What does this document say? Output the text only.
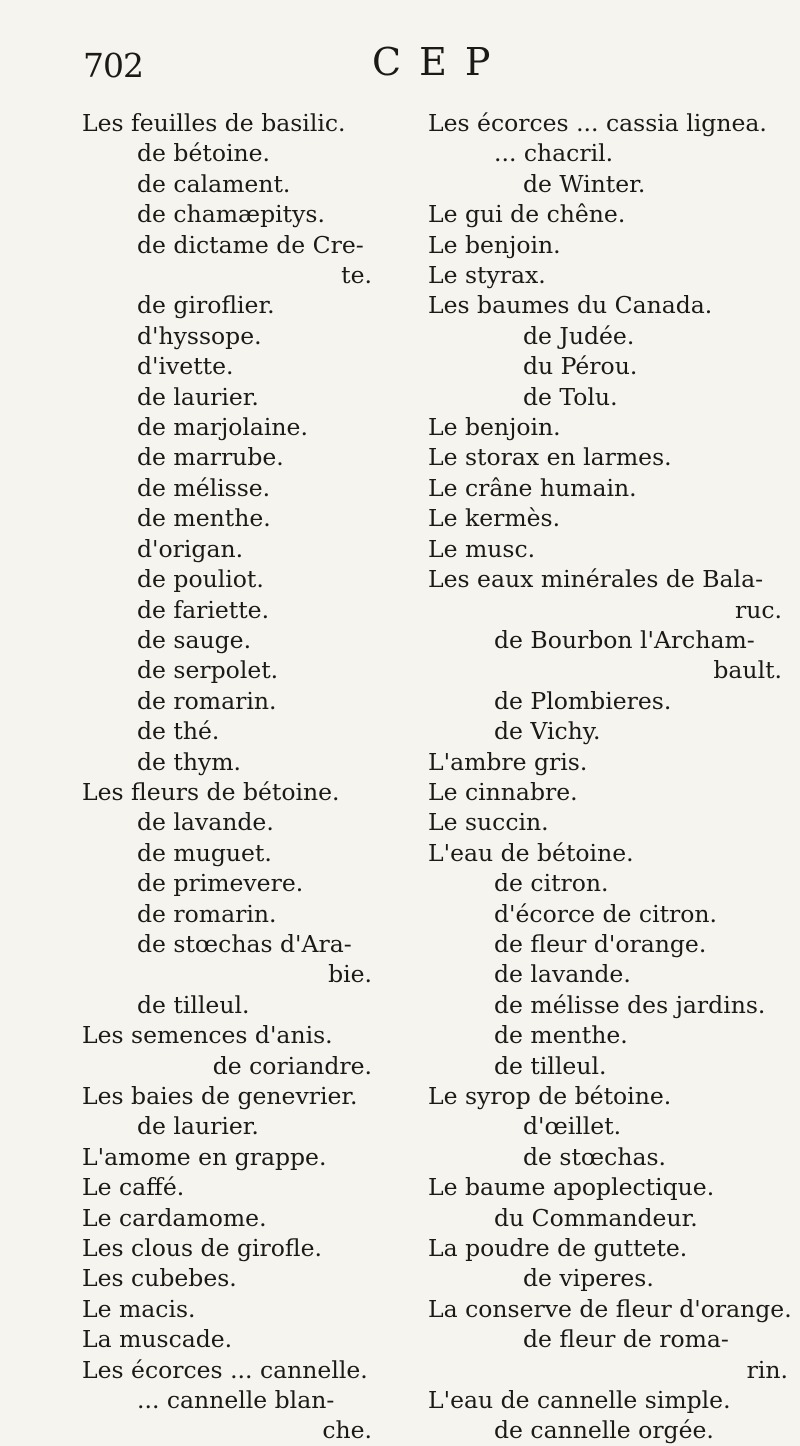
702	CEP
Les feuilles de basilic.
de bétoine.
de calament.
de chamæpitys.
de dictame de Cre-
te.
de giroflier.
d'hyssope.
d'ivette.
de laurier.
de marjolaine.
de marrube.
de mélisse.
de menthe.
d'origan.
de pouliot.
de fariette.
de sauge.
de serpolet.
de romarin.
de thé.
de thym.
Les fleurs de bétoine.
de lavande.
de muguet.
de primevere.
de romarin.
de stœchas d'Ara-
bie.
de tilleul.
Les semences d'anis.
de coriandre.
Les baies de genevrier.
de laurier.
L'amome en grappe.
Le caffé.
Le cardamome.
Les clous de girofle.
Les cubebes.
Le macis.
La muscade.
Les écorces ... cannelle.
... cannelle blan-
che.
Les écorces ... cassia lignea.
... chacril.
de Winter.
Le gui de chêne.
Le benjoin.
Le styrax.
Les baumes du Canada.
de Judée.
du Pérou.
de Tolu.
Le benjoin.
Le storax en larmes.
Le crâne humain.
Le kermès.
Le musc.
Les eaux minérales de Bala-
ruc.
de Bourbon l'Archam-
bault.
de Plombieres.
de Vichy.
L'ambre gris.
Le cinnabre.
Le succin.
L'eau de bétoine.
de citron.
d'écorce de citron.
de fleur d'orange.
de lavande.
de mélisse des jardins.
de menthe.
de tilleul.
Le syrop de bétoine.
d'œillet.
de stœchas.
Le baume apoplectique.
du Commandeur.
La poudre de guttete.
de viperes.
La conserve de fleur d'orange.
de fleur de roma-
rin.
L'eau de cannelle simple.
de cannelle orgée.
